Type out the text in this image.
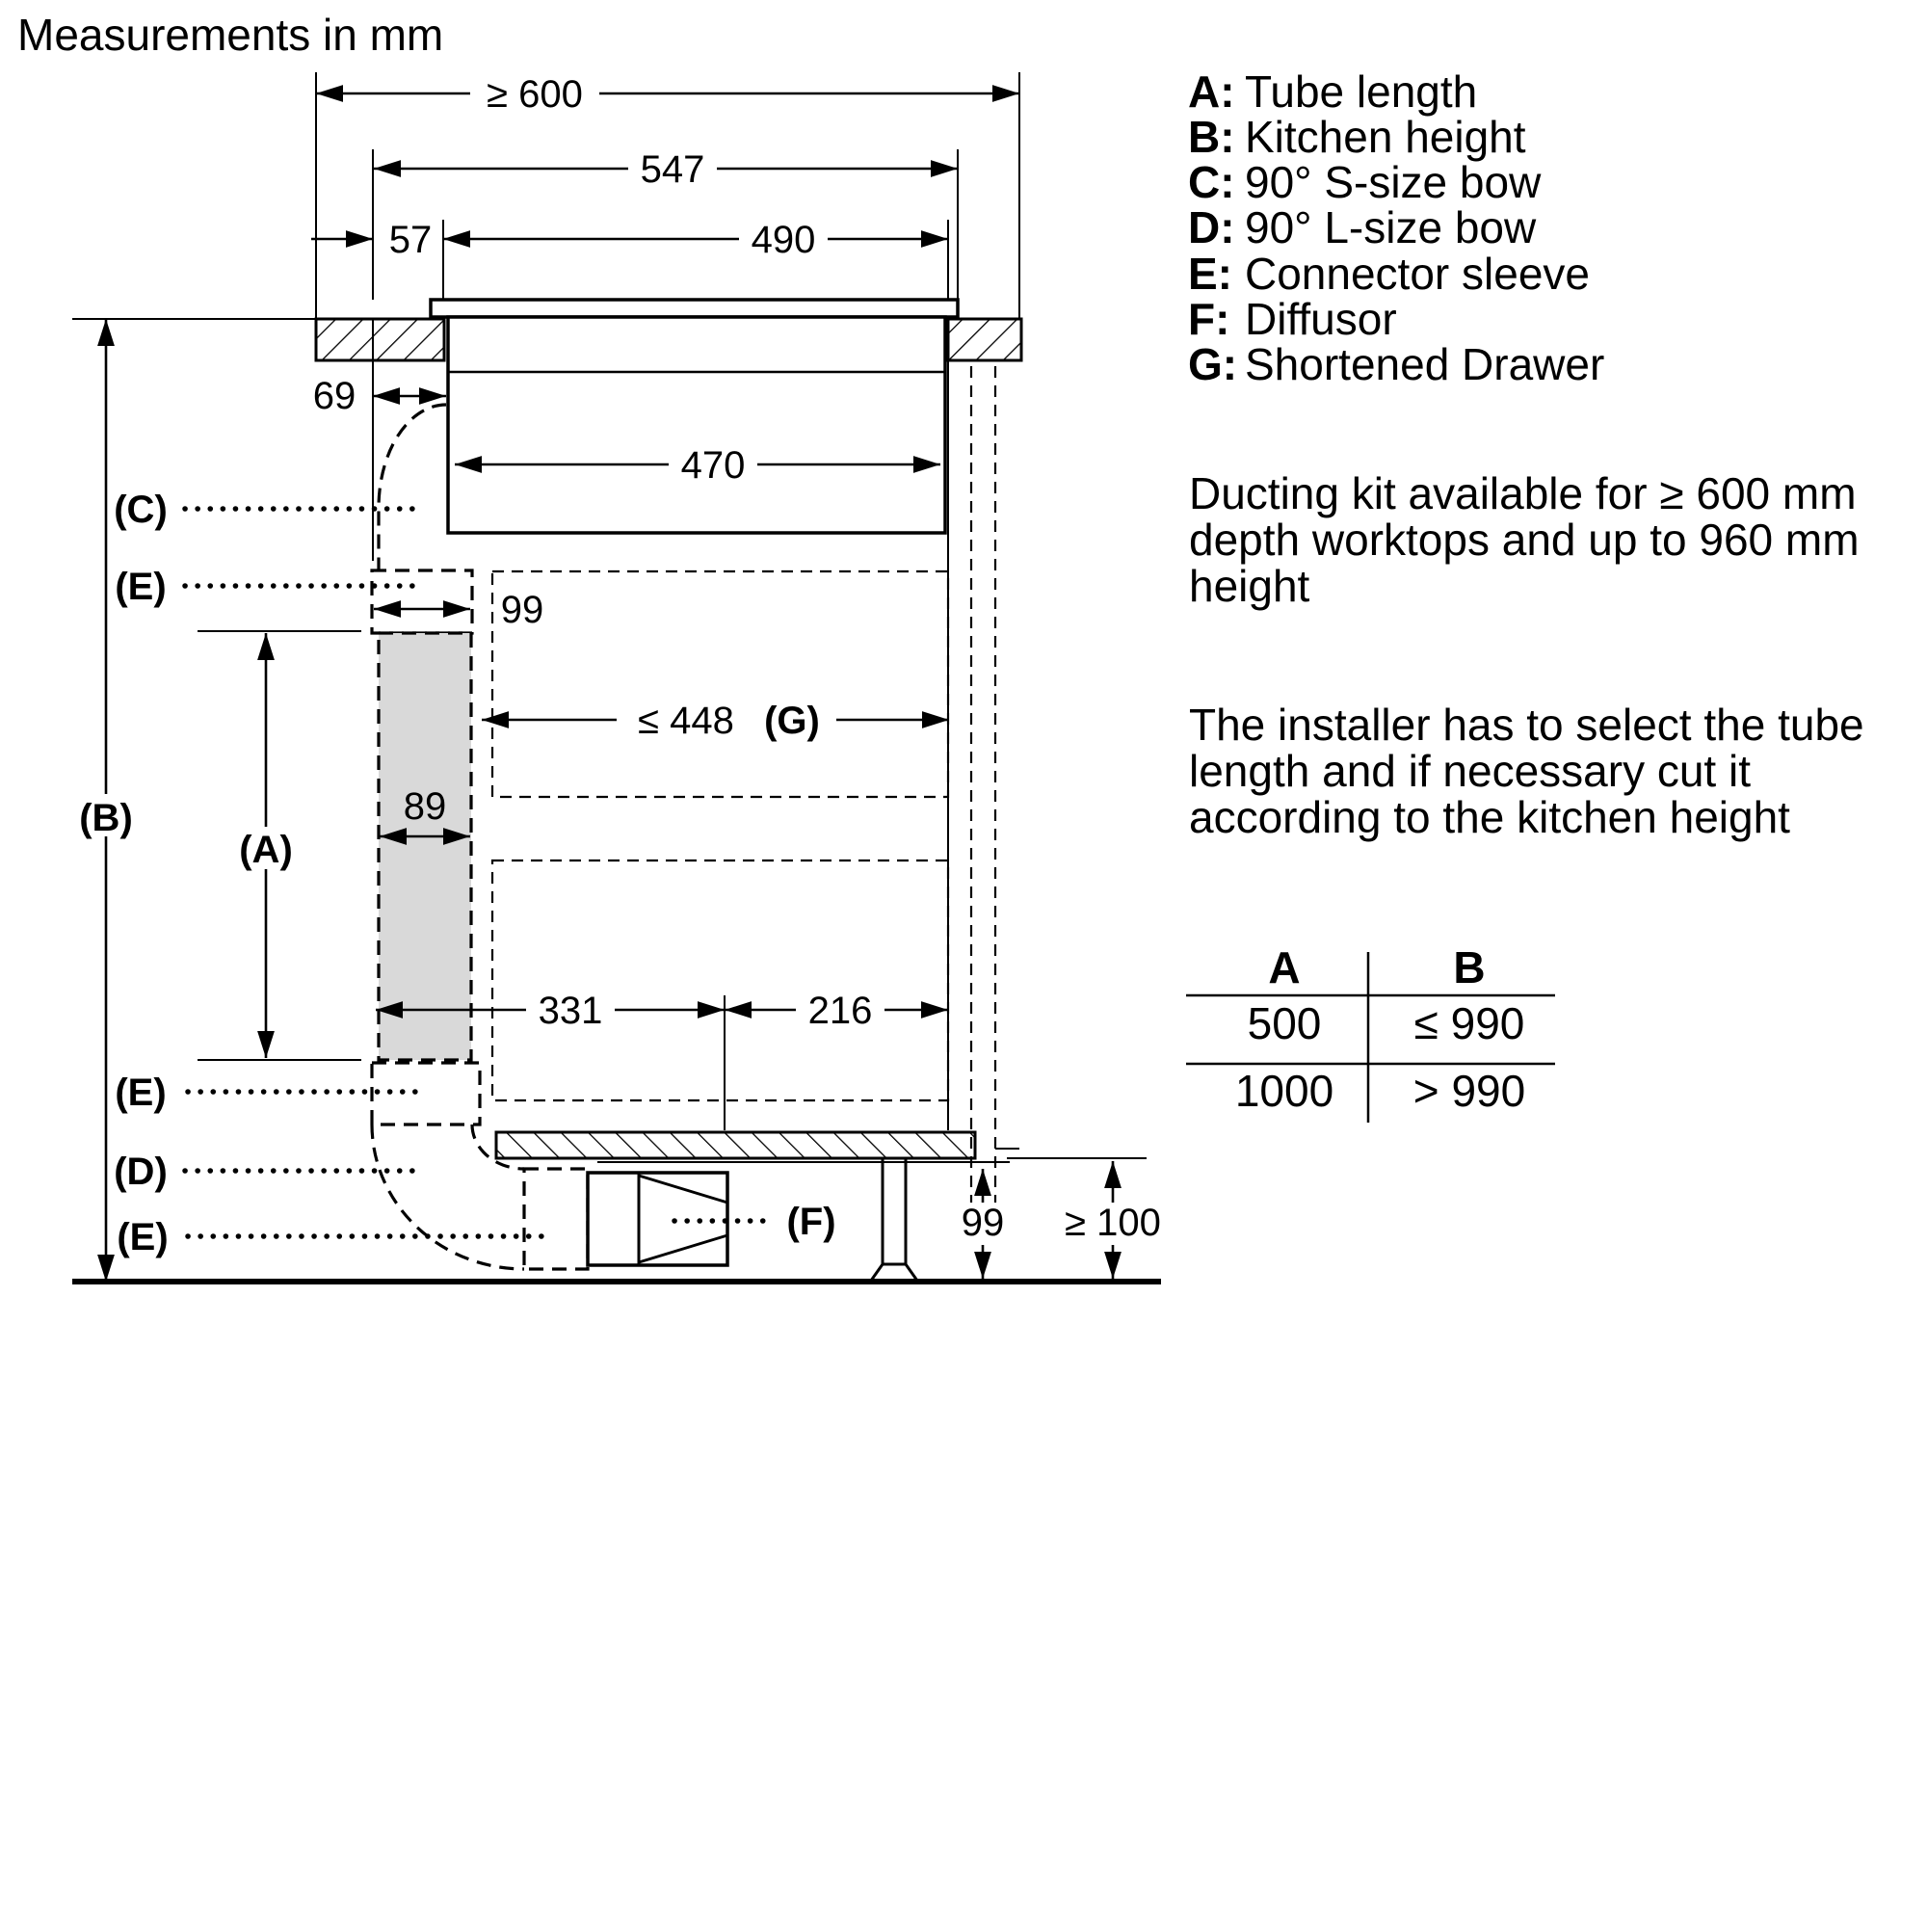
Measurements in mm
≥ 600
547
57	490
69
470
99
≤ 448 (G)
89
331	216
99 ≥ 100
(B)
(A)
(C)
(E)
(E)
(D)
(E)	(F)
A: Tube length
B: Kitchen height
C: 90° S-size bow
D: 90° L-size bow
E: Connector sleeve
F: Diffusor
G: Shortened Drawer
Ducting kit available for ≥ 600 mm
depth worktops and up to 960 mm
height
The installer has to select the tube
length and if necessary cut it
according to the kitchen height
A	B
500 ≤ 990
1000 > 990
